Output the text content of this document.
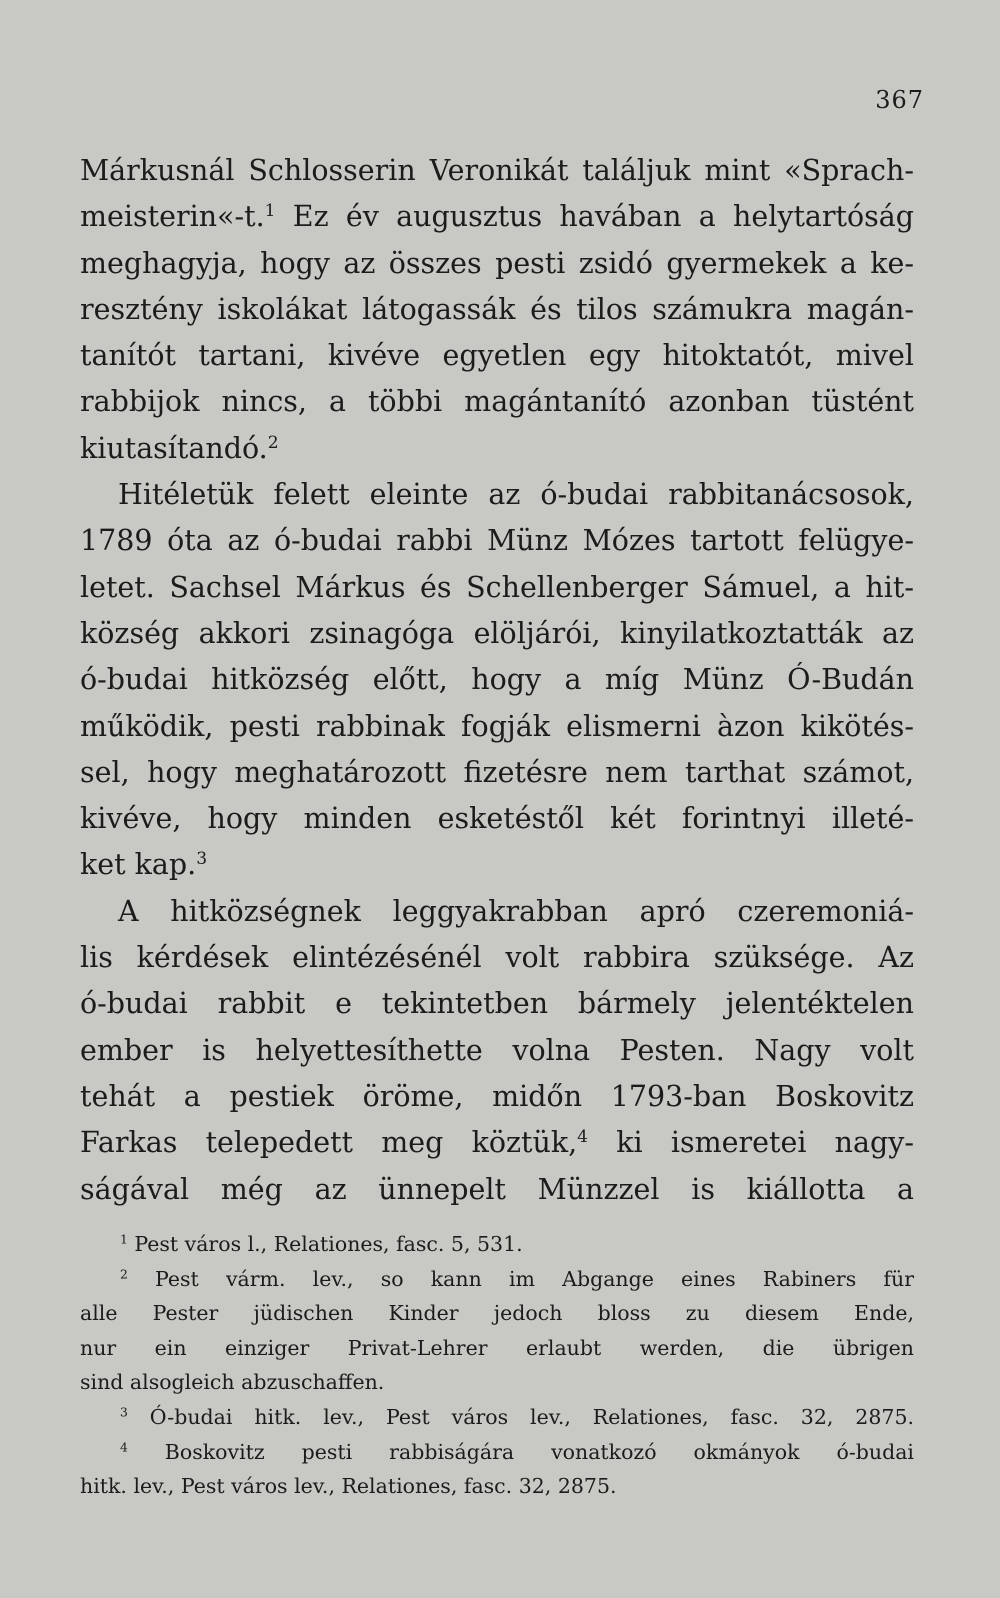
367
Márkusnál Schlosserin Veronikát találjuk mint «Sprach-
meisterin«-t.$^1$ Ez év augusztus havában a helytartóság
meghagyja, hogy az összes pesti zsidó gyermekek a ke-
resztény iskolákat látogassák és tilos számukra magán-
tanítót tartani, kivéve egyetlen egy hitoktatót, mivel
rabbijok nincs, a többi magántanító azonban tüstént
kiutasítandó.$^2$
Hitéletük felett eleinte az ó-budai rabbitanácsosok,
1789 óta az ó-budai rabbi Münz Mózes tartott felügye-
letet. Sachsel Márkus és Schellenberger Sámuel, a hit-
község akkori zsinagóga elöljárói, kinyilatkoztatták az
ó-budai hitközség előtt, hogy a míg Münz Ó-Budán
működik, pesti rabbinak fogják elismerni àzon kikötés-
sel, hogy meghatározott fizetésre nem tarthat számot,
kivéve, hogy minden esketéstől két forintnyi illeté-
ket kap.$^3$
A hitközségnek leggyakrabban apró czeremoniá-
lis kérdések elintézésénél volt rabbira szüksége. Az
ó-budai rabbit e tekintetben bármely jelentéktelen
ember is helyettesíthette volna Pesten. Nagy volt
tehát a pestiek öröme, midőn 1793-ban Boskovitz
Farkas telepedett meg köztük,$^4$ ki ismeretei nagy-
ságával még az ünnepelt Münzzel is kiállotta a
$^1$ Pest város l., Relationes, fasc. 5, 531.
$^2$ Pest várm. lev., so kann im Abgange eines Rabiners für
alle Pester jüdischen Kinder jedoch bloss zu diesem Ende,
nur ein einziger Privat-Lehrer erlaubt werden, die übrigen
sind alsogleich abzuschaffen.
$^3$ Ó-budai hitk. lev., Pest város lev., Relationes, fasc. 32, 2875.
$^4$ Boskovitz pesti rabbiságára vonatkozó okmányok ó-budai
hitk. lev., Pest város lev., Relationes, fasc. 32, 2875.
